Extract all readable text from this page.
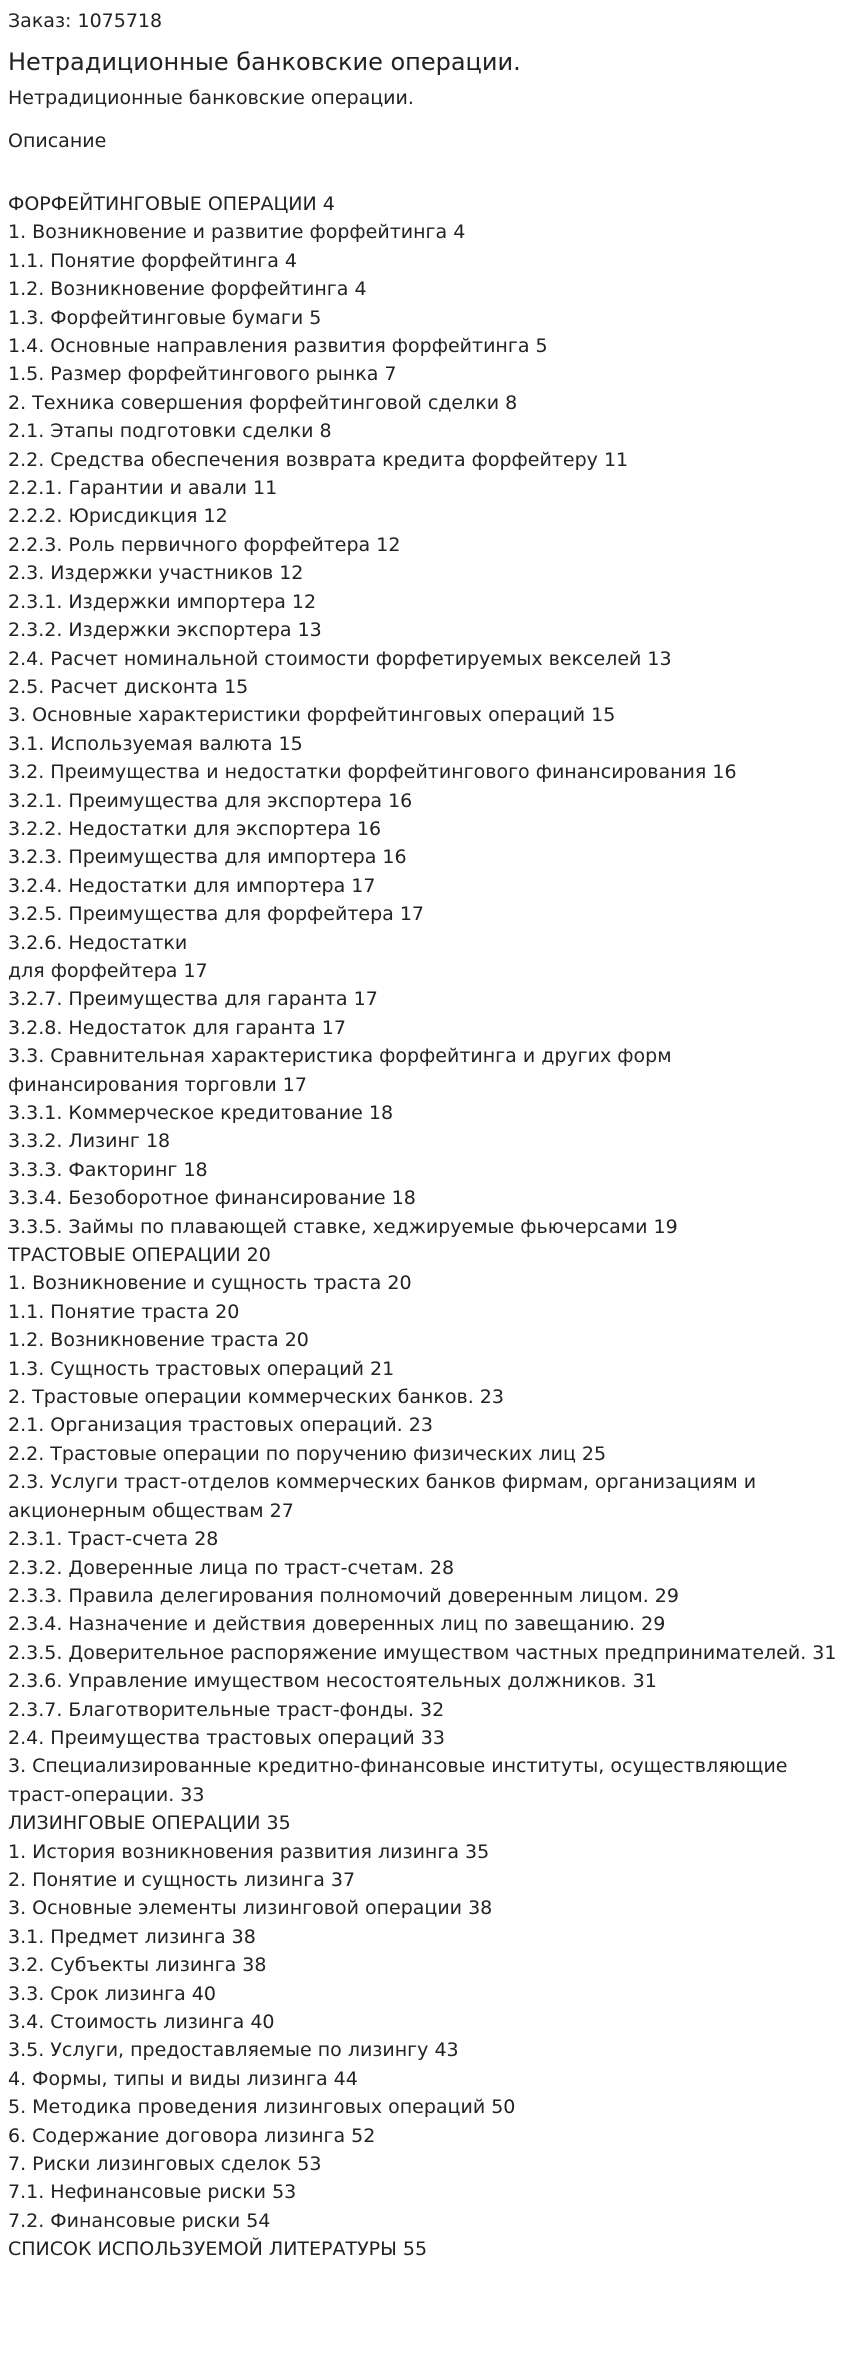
Заказ: 1075718
Нетрадиционные банковские операции.
Нетрадиционные банковские операции.
Описание
ФОРФЕЙТИНГОВЫЕ ОПЕРАЦИИ 4
1. Возникновение и развитие форфейтинга 4
1.1. Понятие форфейтинга 4
1.2. Возникновение форфейтинга 4
1.3. Форфейтинговые бумаги 5
1.4. Основные направления развития форфейтинга 5
1.5. Размер форфейтингового рынка 7
2. Техника совершения форфейтинговой сделки 8
2.1. Этапы подготовки сделки 8
2.2. Средства обеспечения возврата кредита форфейтеру 11
2.2.1. Гарантии и авали 11
2.2.2. Юрисдикция 12
2.2.3. Роль первичного форфейтера 12
2.3. Издержки участников 12
2.3.1. Издержки импортера 12
2.3.2. Издержки экспортера 13
2.4. Расчет номинальной стоимости форфетируемых векселей 13
2.5. Расчет дисконта 15
3. Основные характеристики форфейтинговых операций 15
3.1. Используемая валюта 15
3.2. Преимущества и недостатки форфейтингового финансирования 16
3.2.1. Преимущества для экспортера 16
3.2.2. Недостатки для экспортера 16
3.2.3. Преимущества для импортера 16
3.2.4. Недостатки для импортера 17
3.2.5. Преимущества для форфейтера 17
3.2.6. Недостатки
для форфейтера 17
3.2.7. Преимущества для гаранта 17
3.2.8. Недостаток для гаранта 17
3.3. Сравнительная характеристика форфейтинга и других форм
финансирования торговли 17
3.3.1. Коммерческое кредитование 18
3.3.2. Лизинг 18
3.3.3. Факторинг 18
3.3.4. Безоборотное финансирование 18
3.3.5. Займы по плавающей ставке, хеджируемые фьючерсами 19
ТРАСТОВЫЕ ОПЕРАЦИИ 20
1. Возникновение и сущность траста 20
1.1. Понятие траста 20
1.2. Возникновение траста 20
1.3. Сущность трастовых операций 21
2. Трастовые операции коммерческих банков. 23
2.1. Организация трастовых операций. 23
2.2. Трастовые операции по поручению физических лиц 25
2.3. Услуги траст-отделов коммерческих банков фирмам, организациям и
акционерным обществам 27
2.3.1. Траст-счета 28
2.3.2. Доверенные лица по траст-счетам. 28
2.3.3. Правила делегирования полномочий доверенным лицом. 29
2.3.4. Назначение и действия доверенных лиц по завещанию. 29
2.3.5. Доверительное распоряжение имуществом частных предпринимателей. 31
2.3.6. Управление имуществом несостоятельных должников. 31
2.3.7. Благотворительные траст-фонды. 32
2.4. Преимущества трастовых операций 33
3. Специализированные кредитно-финансовые институты, осуществляющие
траст-операции. 33
ЛИЗИНГОВЫЕ ОПЕРАЦИИ 35
1. История возникновения развития лизинга 35
2. Понятие и сущность лизинга 37
3. Основные элементы лизинговой операции 38
3.1. Предмет лизинга 38
3.2. Субъекты лизинга 38
3.3. Срок лизинга 40
3.4. Стоимость лизинга 40
3.5. Услуги, предоставляемые по лизингу 43
4. Формы, типы и виды лизинга 44
5. Методика проведения лизинговых операций 50
6. Содержание договора лизинга 52
7. Риски лизинговых сделок 53
7.1. Нефинансовые риски 53
7.2. Финансовые риски 54
СПИСОК ИСПОЛЬЗУЕМОЙ ЛИТЕРАТУРЫ 55
